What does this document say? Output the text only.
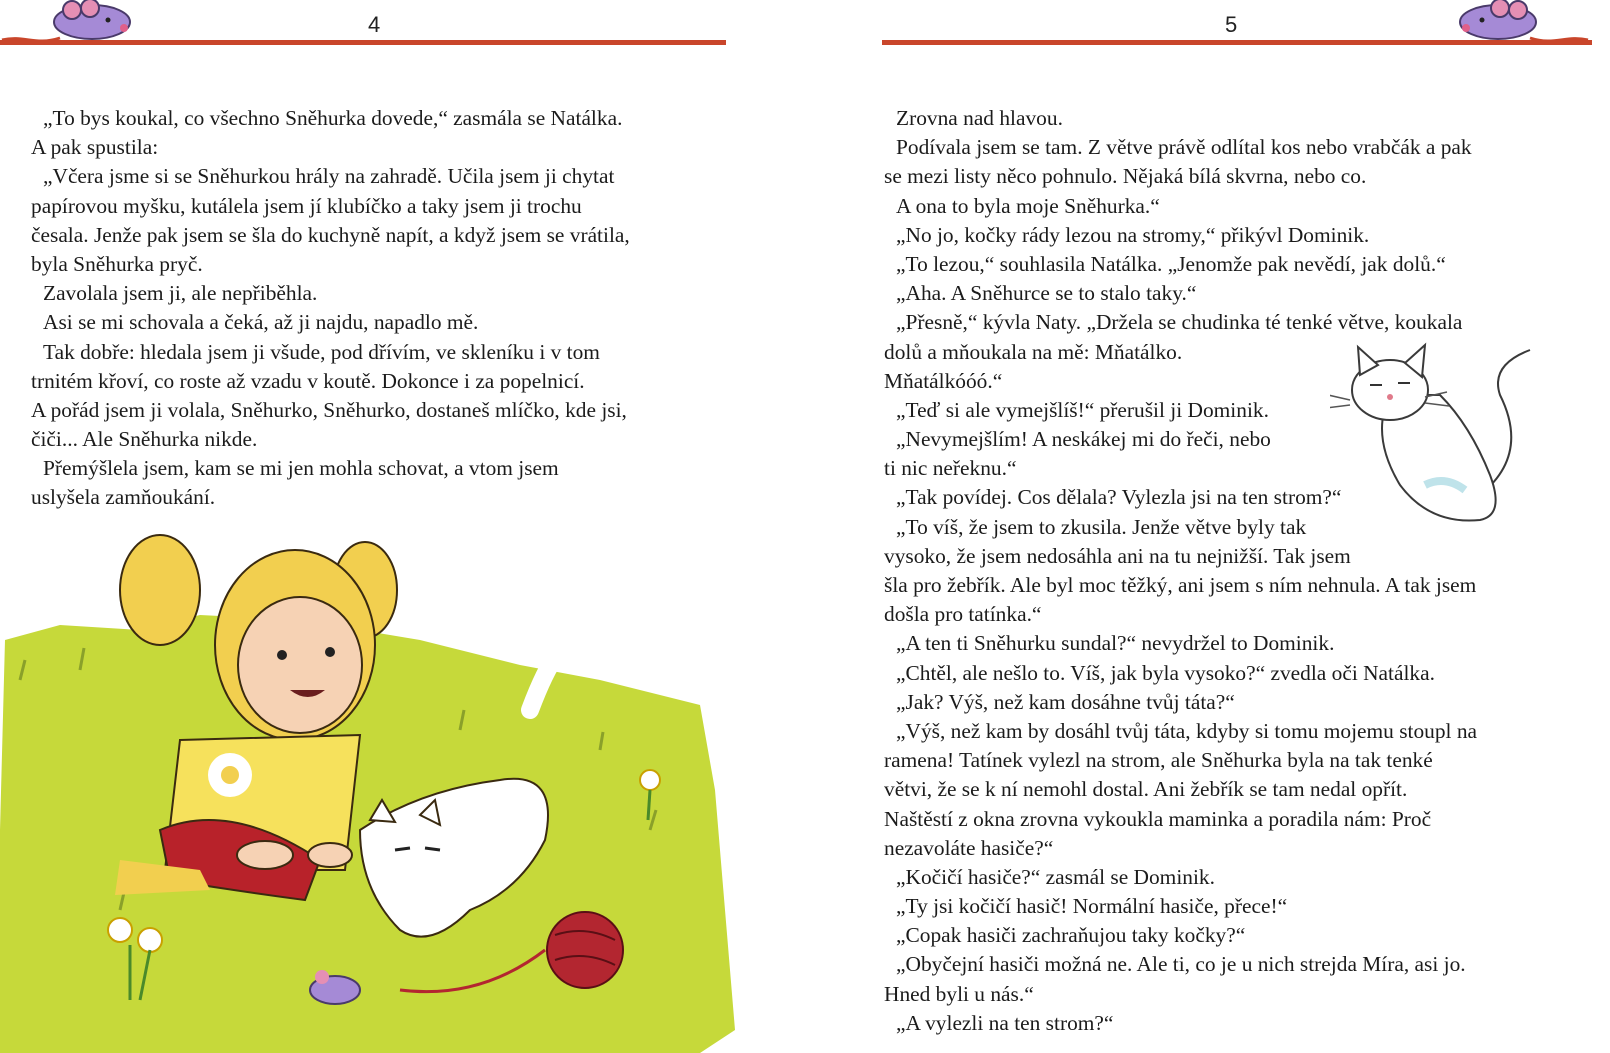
4
„To bys koukal, co všechno Sněhurka dovede,“ zasmála se Natálka.
A pak spustila:
„Včera jsme si se Sněhurkou hrály na zahradě. Učila jsem ji chytat
papírovou myšku, kutálela jsem jí klubíčko a taky jsem ji trochu
česala. Jenže pak jsem se šla do kuchyně napít, a když jsem se vrátila,
byla Sněhurka pryč.
Zavolala jsem ji, ale nepřiběhla.
Asi se mi schovala a čeká, až ji najdu, napadlo mě.
Tak dobře: hledala jsem ji všude, pod dřívím, ve skleníku i v tom
trnitém křoví, co roste až vzadu v koutě. Dokonce i za popelnicí.
A pořád jsem ji volala, Sněhurko, Sněhurko, dostaneš mlíčko, kde jsi,
čiči... Ale Sněhurka nikde.
Přemýšlela jsem, kam se mi jen mohla schovat, a vtom jsem
uslyšela zamňoukání.
5
Zrovna nad hlavou.
Podívala jsem se tam. Z větve právě odlítal kos nebo vrabčák a pak
se mezi listy něco pohnulo. Nějaká bílá skvrna, nebo co.
A ona to byla moje Sněhurka.“
„No jo, kočky rády lezou na stromy,“ přikývl Dominik.
„To lezou,“ souhlasila Natálka. „Jenomže pak nevědí, jak dolů.“
„Aha. A Sněhurce se to stalo taky.“
„Přesně,“ kývla Naty. „Držela se chudinka té tenké větve, koukala
dolů a mňoukala na mě: Mňatálko.
Mňatálkóóó.“
„Teď si ale vymejšlíš!“ přerušil ji Dominik.
„Nevymejšlím! A neskákej mi do řeči, nebo
ti nic neřeknu.“
„Tak povídej. Cos dělala? Vylezla jsi na ten strom?“
„To víš, že jsem to zkusila. Jenže větve byly tak
vysoko, že jsem nedosáhla ani na tu nejnižší. Tak jsem
šla pro žebřík. Ale byl moc těžký, ani jsem s ním nehnula. A tak jsem
došla pro tatínka.“
„A ten ti Sněhurku sundal?“ nevydržel to Dominik.
„Chtěl, ale nešlo to. Víš, jak byla vysoko?“ zvedla oči Natálka.
„Jak? Výš, než kam dosáhne tvůj táta?“
„Výš, než kam by dosáhl tvůj táta, kdyby si tomu mojemu stoupl na
ramena! Tatínek vylezl na strom, ale Sněhurka byla na tak tenké
větvi, že se k ní nemohl dostal. Ani žebřík se tam nedal opřít.
Naštěstí z okna zrovna vykoukla maminka a poradila nám: Proč
nezavoláte hasiče?“
„Kočičí hasiče?“ zasmál se Dominik.
„Ty jsi kočičí hasič! Normální hasiče, přece!“
„Copak hasiči zachraňujou taky kočky?“
„Obyčejní hasiči možná ne. Ale ti, co je u nich strejda Míra, asi jo.
Hned byli u nás.“
„A vylezli na ten strom?“
